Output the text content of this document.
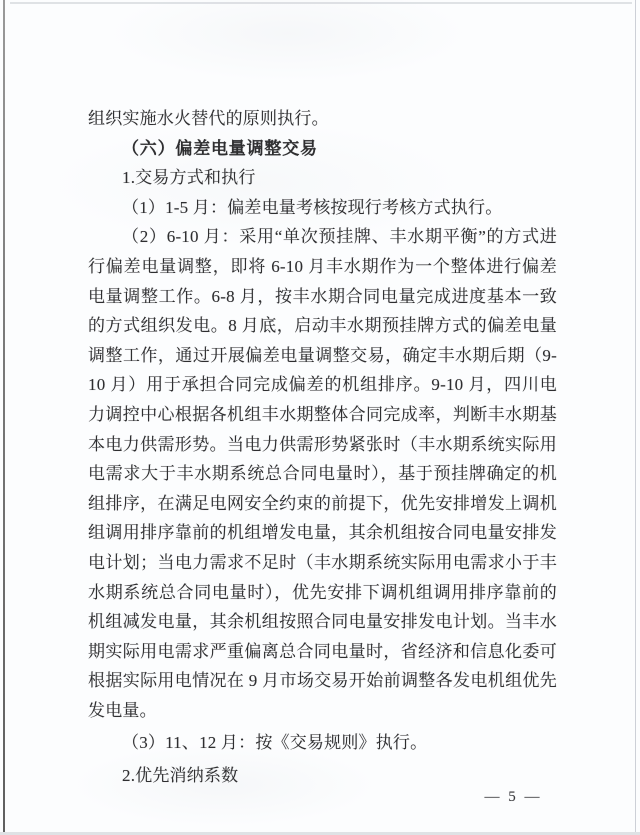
组织实施水火替代的原则执行。

（六）偏差电量调整交易

1.交易方式和执行

（1）1-5 月：偏差电量考核按现行考核方式执行。

（2）6-10 月：采用“单次预挂牌、丰水期平衡”的方式进行偏差电量调整，即将 6-10 月丰水期作为一个整体进行偏差电量调整工作。6-8 月，按丰水期合同电量完成进度基本一致的方式组织发电。8 月底，启动丰水期预挂牌方式的偏差电量调整工作，通过开展偏差电量调整交易，确定丰水期后期（9-10 月）用于承担合同完成偏差的机组排序。9-10 月，四川电力调控中心根据各机组丰水期整体合同完成率，判断丰水期基本电力供需形势。当电力供需形势紧张时（丰水期系统实际用电需求大于丰水期系统总合同电量时），基于预挂牌确定的机组排序，在满足电网安全约束的前提下，优先安排增发上调机组调用排序靠前的机组增发电量，其余机组按合同电量安排发电计划；当电力需求不足时（丰水期系统实际用电需求小于丰水期系统总合同电量时），优先安排下调机组调用排序靠前的机组减发电量，其余机组按照合同电量安排发电计划。当丰水期实际用电需求严重偏离总合同电量时，省经济和信息化委可根据实际用电情况在 9 月市场交易开始前调整各发电机组优先发电量。

（3）11、12 月：按《交易规则》执行。

2.优先消纳系数

— 5 —
